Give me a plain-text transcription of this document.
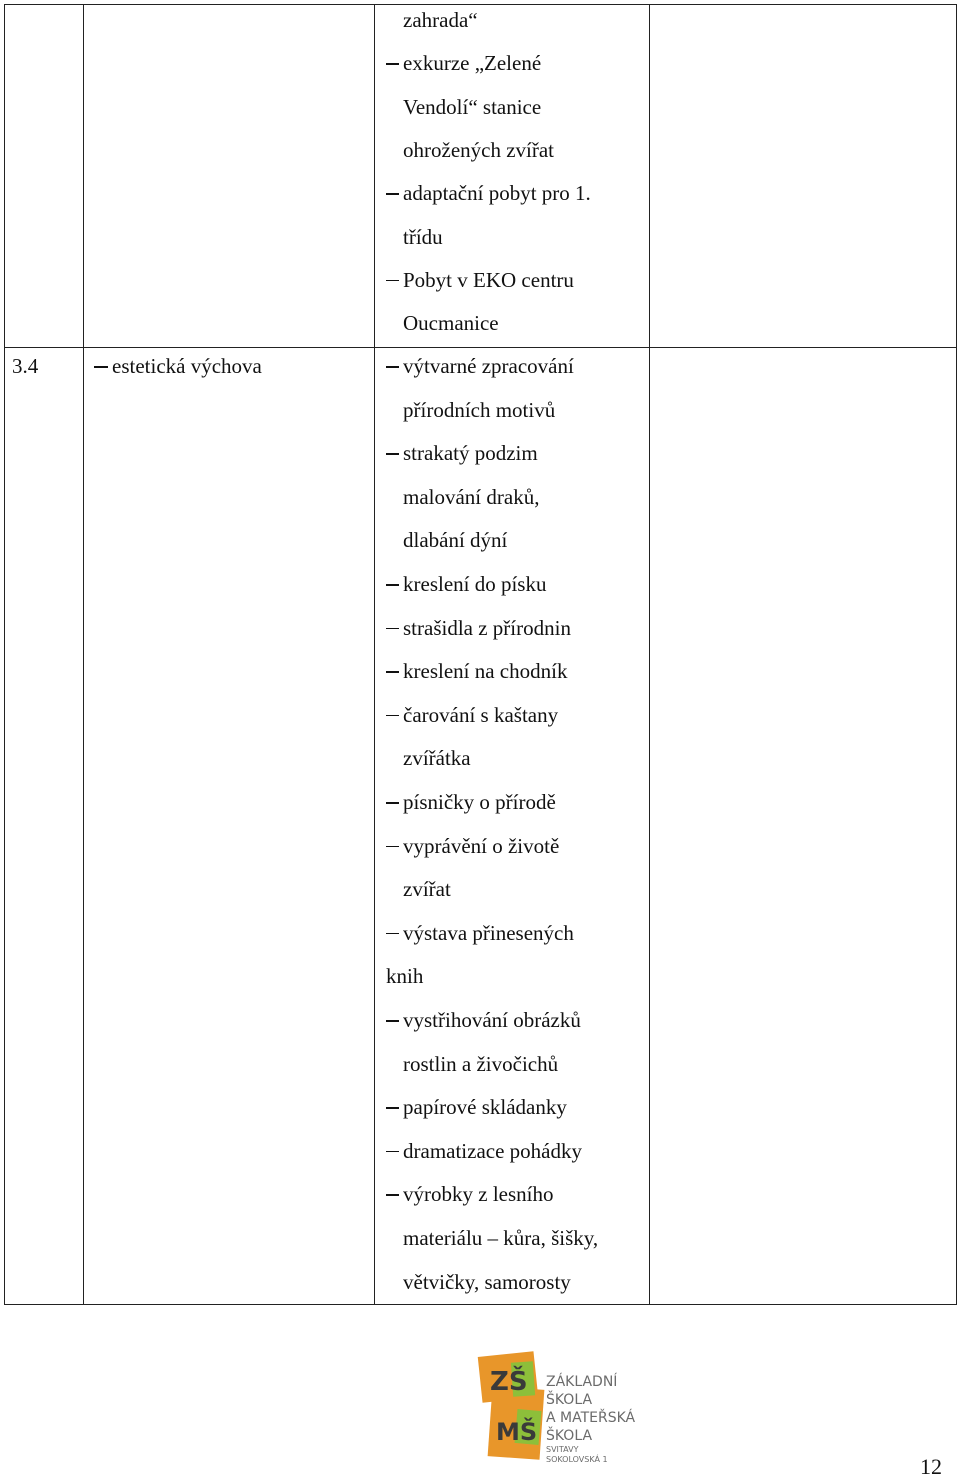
3.4	estetická výchova
zahrada“
exkurze „Zelené
Vendolí“ stanice
ohrožených zvířat
adaptační pobyt pro 1.
třídu
Pobyt v EKO centru
Oucmanice
výtvarné zpracování
přírodních motivů
strakatý podzim
malování draků,
dlabání dýní
kreslení do písku
strašidla z přírodnin
kreslení na chodník
čarování s kaštany
zvířátka
písničky o přírodě
vyprávění o životě
zvířat
výstava přinesených
knih
vystřihování obrázků
rostlin a živočichů
papírové skládanky
dramatizace pohádky
výrobky z lesního
materiálu – kůra, šišky,
větvičky, samorosty
ZŠ
MŠ
ZÁKLADNÍ
ŠKOLA
A MATEŘSKÁ
ŠKOLA
SVITAVY
SOKOLOVSKÁ 1	12
